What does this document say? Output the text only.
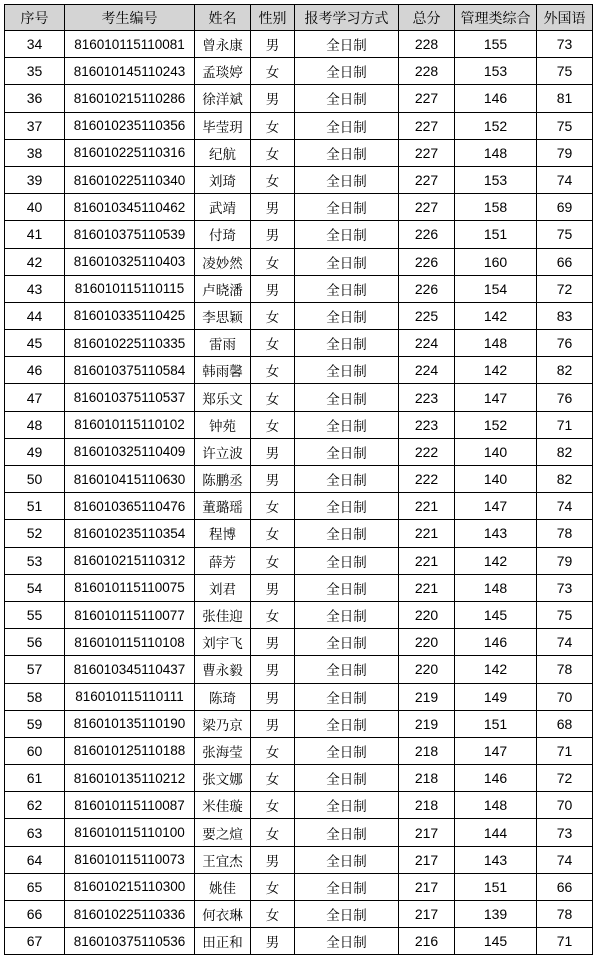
序号	考生编号	姓名	性别	报考学习方式	总分	管理类综合	外国语
34	816010115110081	曾永康	男	全日制	228	155	73
35	816010145110243	孟琰婷	女	全日制	228	153	75
36	816010215110286	徐洋斌	男	全日制	227	146	81
37	816010235110356	毕莹玥	女	全日制	227	152	75
38	816010225110316	纪航	女	全日制	227	148	79
39	816010225110340	刘琦	女	全日制	227	153	74
40	816010345110462	武靖	男	全日制	227	158	69
41	816010375110539	付琦	男	全日制	226	151	75
42	816010325110403	凌妙然	女	全日制	226	160	66
43	816010115110115	卢晓潘	男	全日制	226	154	72
44	816010335110425	李思颖	女	全日制	225	142	83
45	816010225110335	雷雨	女	全日制	224	148	76
46	816010375110584	韩雨馨	女	全日制	224	142	82
47	816010375110537	郑乐文	女	全日制	223	147	76
48	816010115110102	钟苑	女	全日制	223	152	71
49	816010325110409	许立波	男	全日制	222	140	82
50	816010415110630	陈鹏丞	男	全日制	222	140	82
51	816010365110476	董璐瑶	女	全日制	221	147	74
52	816010235110354	程博	女	全日制	221	143	78
53	816010215110312	薛芳	女	全日制	221	142	79
54	816010115110075	刘君	男	全日制	221	148	73
55	816010115110077	张佳迎	女	全日制	220	145	75
56	816010115110108	刘宇飞	男	全日制	220	146	74
57	816010345110437	曹永毅	男	全日制	220	142	78
58	816010115110111	陈琦	男	全日制	219	149	70
59	816010135110190	梁乃京	男	全日制	219	151	68
60	816010125110188	张海莹	女	全日制	218	147	71
61	816010135110212	张文娜	女	全日制	218	146	72
62	816010115110087	米佳璇	女	全日制	218	148	70
63	816010115110100	要之煊	女	全日制	217	144	73
64	816010115110073	王宜杰	男	全日制	217	143	74
65	816010215110300	姚佳	女	全日制	217	151	66
66	816010225110336	何衣琳	女	全日制	217	139	78
67	816010375110536	田正和	男	全日制	216	145	71
